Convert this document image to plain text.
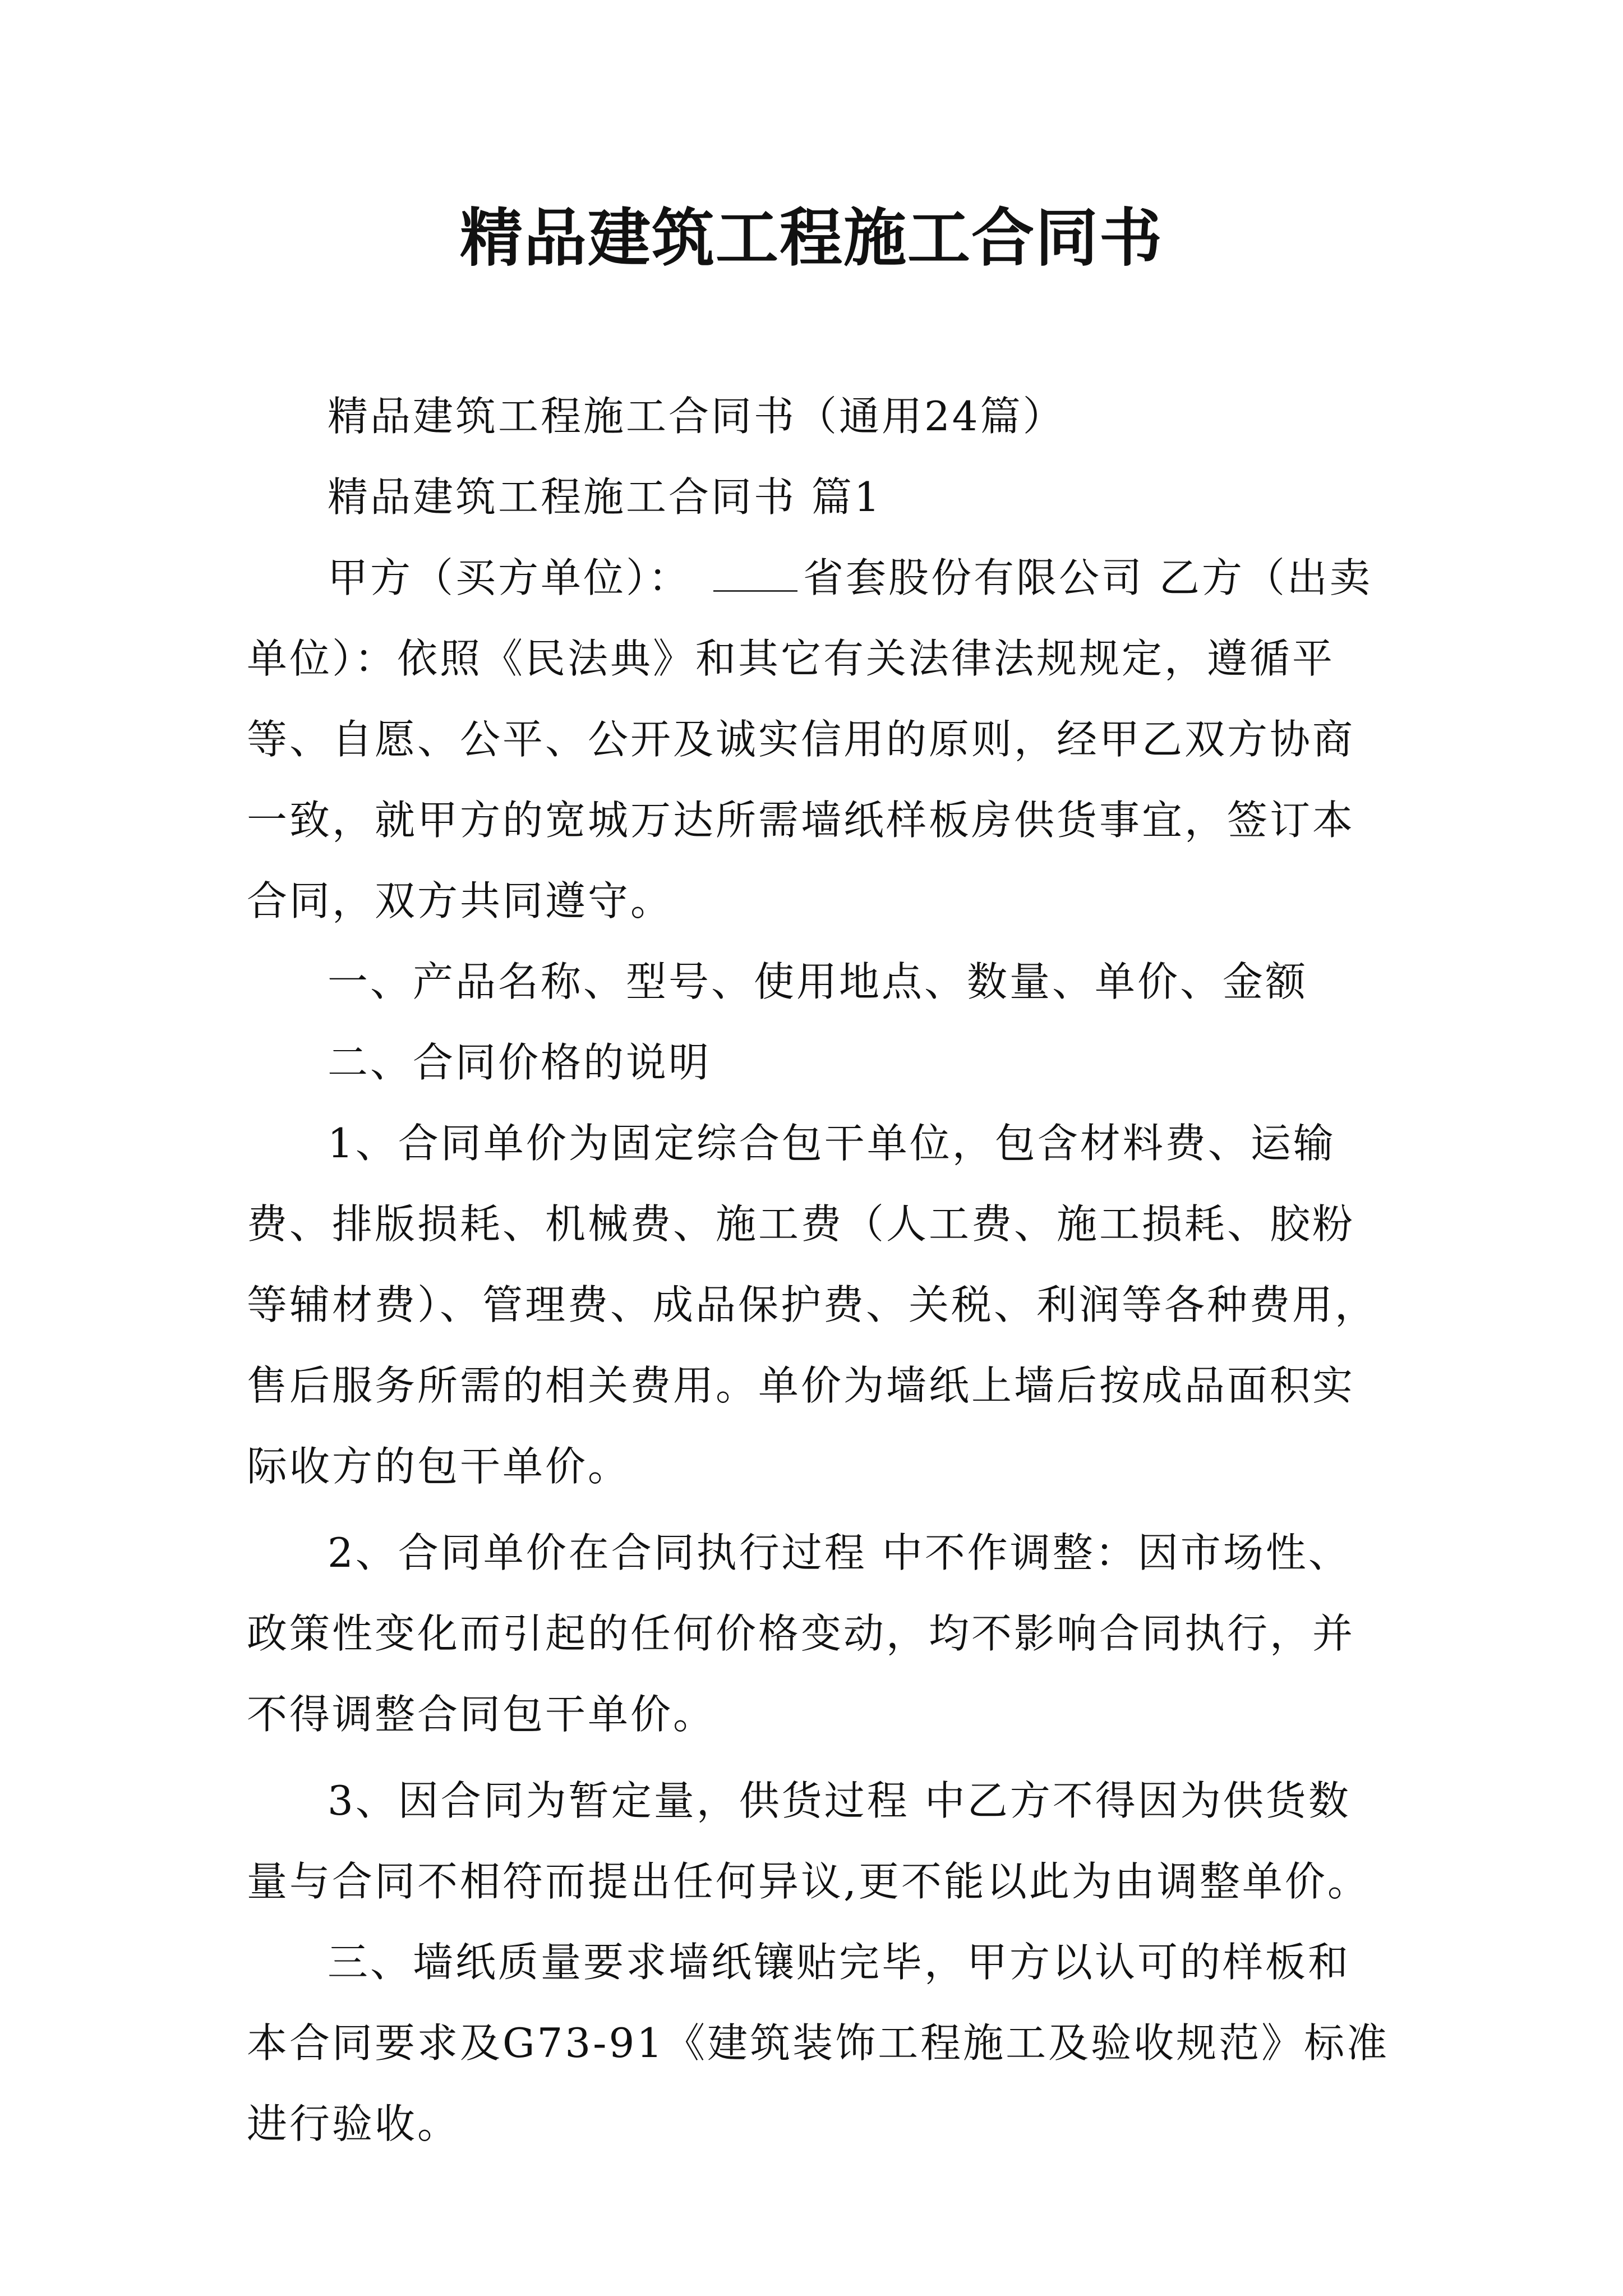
精品建筑工程施工合同书

精品建筑工程施工合同书（通用24篇）

精品建筑工程施工合同书 篇1

甲方（买方单位）：	省套股份有限公司 乙方（出卖单位）：依照《民法典》和其它有关法律法规规定，遵循平等、自愿、公平、公开及诚实信用的原则，经甲乙双方协商一致，就甲方的宽城万达所需墙纸样板房供货事宜，签订本合同，双方共同遵守。

一、产品名称、型号、使用地点、数量、单价、金额

二、合同价格的说明

1、合同单价为固定综合包干单位，包含材料费、运输费、排版损耗、机械费、施工费（人工费、施工损耗、胶粉等辅材费）、管理费、成品保护费、关税、利润等各种费用，售后服务所需的相关费用。单价为墙纸上墙后按成品面积实际收方的包干单价。

2、合同单价在合同执行过程 中不作调整：因市场性、政策性变化而引起的任何价格变动，均不影响合同执行，并不得调整合同包干单价。

3、因合同为暂定量，供货过程 中乙方不得因为供货数量与合同不相符而提出任何异议,更不能以此为由调整单价。

三、墙纸质量要求墙纸镶贴完毕，甲方以认可的样板和本合同要求及G73-91《建筑装饰工程施工及验收规范》标准进行验收。
